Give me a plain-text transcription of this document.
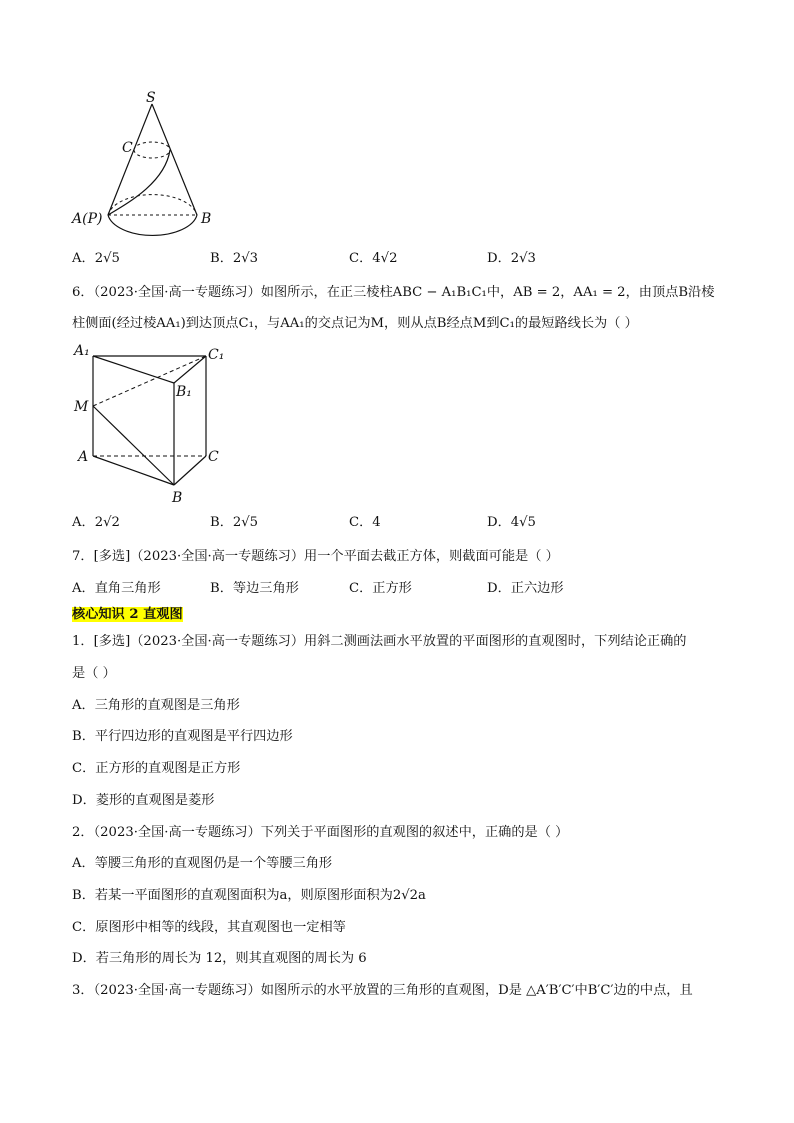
S
C
A(P)	B
A．2√5	B．2√3	C．4√2	D．2√3
6．（2023·全国·高一专题练习）如图所示，在正三棱柱ABC − A₁B₁C₁中，AB = 2，AA₁ = 2，由顶点B沿棱
柱侧面(经过棱AA₁)到达顶点C₁，与AA₁的交点记为M，则从点B经点M到C₁的最短路线长为（ ）
A₁	C₁
B₁
M
A	C
B
A．2√2	B．2√5	C．4	D．4√5
7．[多选]（2023·全国·高一专题练习）用一个平面去截正方体，则截面可能是（ ）
A．直角三角形	B．等边三角形	C．正方形	D．正六边形
核心知识 2 直观图
1．[多选]（2023·全国·高一专题练习）用斜二测画法画水平放置的平面图形的直观图时，下列结论正确的
是（ ）
A．三角形的直观图是三角形
B．平行四边形的直观图是平行四边形
C．正方形的直观图是正方形
D．菱形的直观图是菱形
2．（2023·全国·高一专题练习）下列关于平面图形的直观图的叙述中，正确的是（ ）
A．等腰三角形的直观图仍是一个等腰三角形
B．若某一平面图形的直观图面积为a，则原图形面积为2√2a
C．原图形中相等的线段，其直观图也一定相等
D．若三角形的周长为 12，则其直观图的周长为 6
3．（2023·全国·高一专题练习）如图所示的水平放置的三角形的直观图，D是 △A′B′C′中B′C′边的中点，且
